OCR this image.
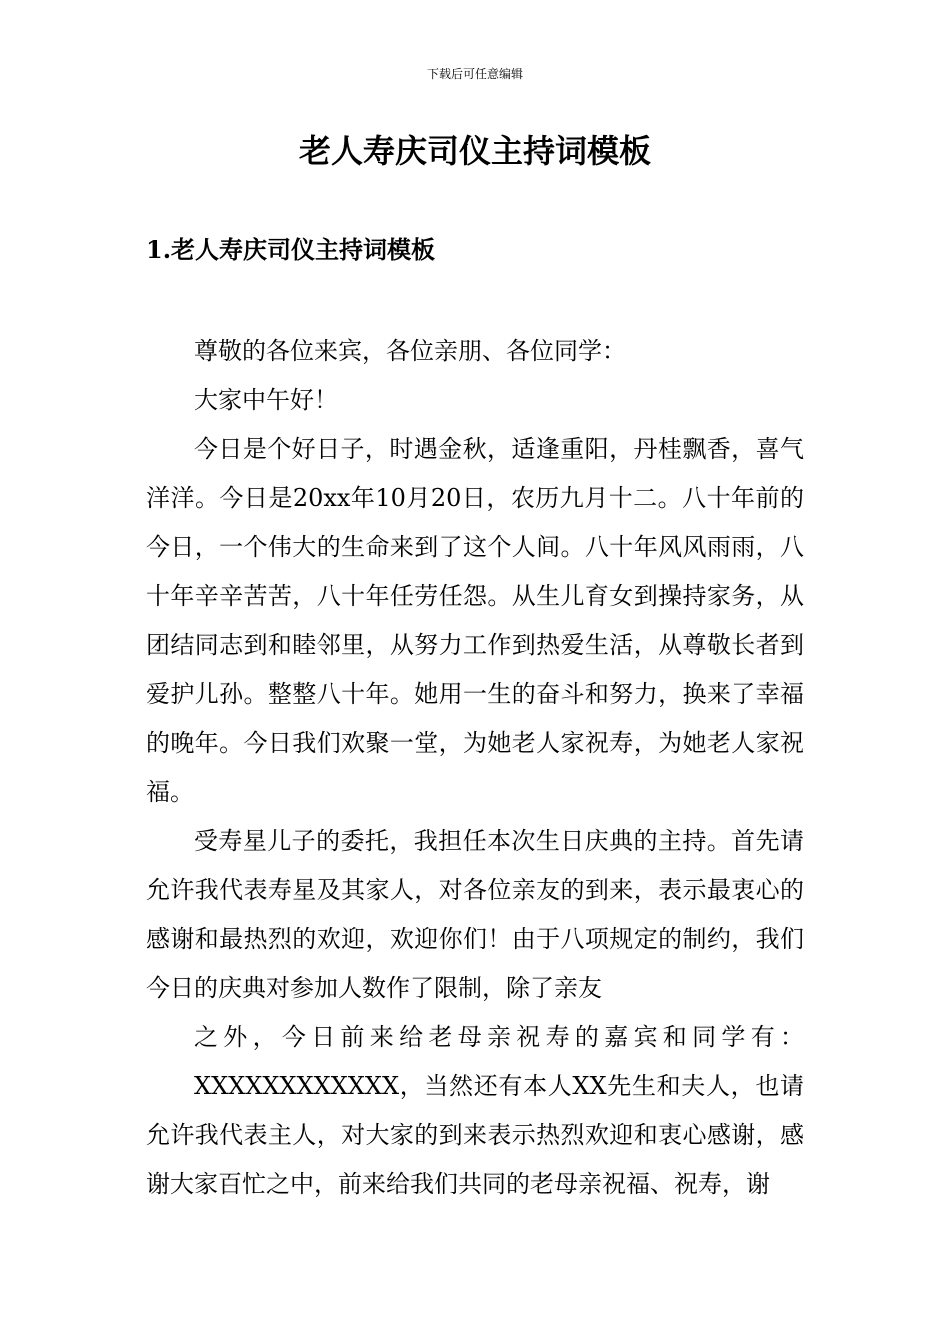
下载后可任意编辑
老人寿庆司仪主持词模板
1.老人寿庆司仪主持词模板

尊敬的各位来宾，各位亲朋、各位同学：

大家中午好！

今日是个好日子，时遇金秋，适逢重阳，丹桂飘香，喜气洋洋。今日是20xx年10月20日，农历九月十二。八十年前的今日，一个伟大的生命来到了这个人间。八十年风风雨雨，八十年辛辛苦苦，八十年任劳任怨。从生儿育女到操持家务，从团结同志到和睦邻里，从努力工作到热爱生活，从尊敬长者到爱护儿孙。整整八十年。她用一生的奋斗和努力，换来了幸福的晚年。今日我们欢聚一堂，为她老人家祝寿，为她老人家祝福。

受寿星儿子的委托，我担任本次生日庆典的主持。首先请允许我代表寿星及其家人，对各位亲友的到来，表示最衷心的感谢和最热烈的欢迎，欢迎你们！由于八项规定的制约，我们今日的庆典对参加人数作了限制，除了亲友
之外，今日前来给老母亲祝寿的嘉宾和同学有：
XXXXXXXXXXXX，当然还有本人XX先生和夫人，也请允许我代表主人，对大家的到来表示热烈欢迎和衷心感谢，感谢大家百忙之中，前来给我们共同的老母亲祝福、祝寿，谢
